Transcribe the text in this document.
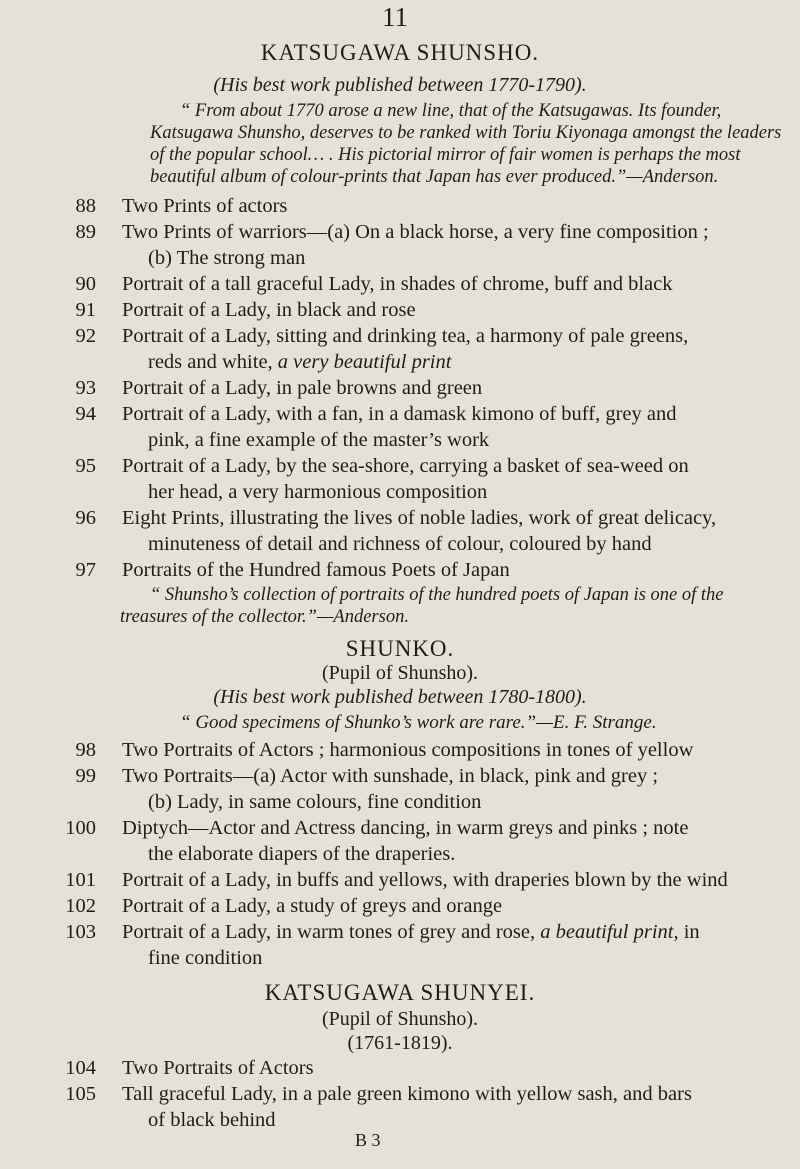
11
KATSUGAWA SHUNSHO.
(His best work published between 1770-1790).
“ From about 1770 arose a new line, that of the Katsugawas. Its founder, Katsugawa Shunsho, deserves to be ranked with Toriu Kiyonaga amongst the leaders of the popular school… . His pictorial mirror of fair women is perhaps the most beautiful album of colour-prints that Japan has ever produced.”—Anderson.
88 Two Prints of actors
89 Two Prints of warriors—(a) On a black horse, a very fine composition ;
(b) The strong man
90 Portrait of a tall graceful Lady, in shades of chrome, buff and black
91 Portrait of a Lady, in black and rose
92 Portrait of a Lady, sitting and drinking tea, a harmony of pale greens,
reds and white, a very beautiful print
93 Portrait of a Lady, in pale browns and green
94 Portrait of a Lady, with a fan, in a damask kimono of buff, grey and
pink, a fine example of the master’s work
95 Portrait of a Lady, by the sea-shore, carrying a basket of sea-weed on
her head, a very harmonious composition
96 Eight Prints, illustrating the lives of noble ladies, work of great delicacy,
minuteness of detail and richness of colour, coloured by hand
97 Portraits of the Hundred famous Poets of Japan
“ Shunsho’s collection of portraits of the hundred poets of Japan is one of the treasures of the collector.”—Anderson.
SHUNKO.
(Pupil of Shunsho).
(His best work published between 1780-1800).
“ Good specimens of Shunko’s work are rare.”—E. F. Strange.
98 Two Portraits of Actors ; harmonious compositions in tones of yellow
99 Two Portraits—(a) Actor with sunshade, in black, pink and grey ;
(b) Lady, in same colours, fine condition
100 Diptych—Actor and Actress dancing, in warm greys and pinks ; note
the elaborate diapers of the draperies.
101 Portrait of a Lady, in buffs and yellows, with draperies blown by the wind
102 Portrait of a Lady, a study of greys and orange
103 Portrait of a Lady, in warm tones of grey and rose, a beautiful print, in
fine condition
KATSUGAWA SHUNYEI.
(Pupil of Shunsho).
(1761-1819).
104 Two Portraits of Actors
105 Tall graceful Lady, in a pale green kimono with yellow sash, and bars
of black behind
B 3
